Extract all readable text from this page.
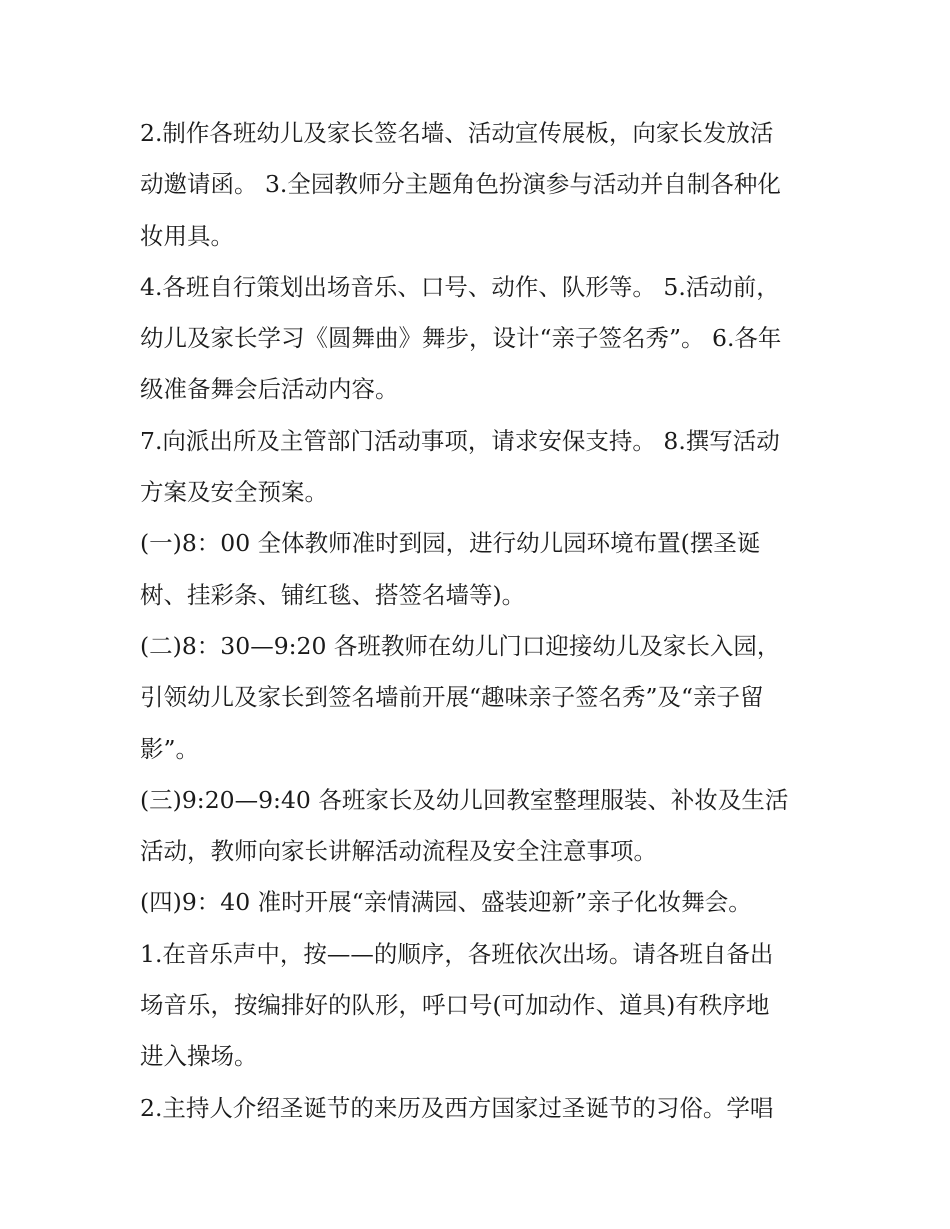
2.制作各班幼儿及家长签名墙、活动宣传展板，向家长发放活
动邀请函。 3.全园教师分主题角色扮演参与活动并自制各种化
妆用具。
4.各班自行策划出场音乐、口号、动作、队形等。 5.活动前，
幼儿及家长学习《圆舞曲》舞步，设计“亲子签名秀”。 6.各年
级准备舞会后活动内容。
7.向派出所及主管部门活动事项，请求安保支持。 8.撰写活动
方案及安全预案。
(一)8：00 全体教师准时到园，进行幼儿园环境布置(摆圣诞
树、挂彩条、铺红毯、搭签名墙等)。
(二)8：30—9:20 各班教师在幼儿门口迎接幼儿及家长入园，
引领幼儿及家长到签名墙前开展“趣味亲子签名秀”及“亲子留
影”。
(三)9:20—9:40 各班家长及幼儿回教室整理服装、补妆及生活
活动，教师向家长讲解活动流程及安全注意事项。
(四)9：40 准时开展“亲情满园、盛装迎新”亲子化妆舞会。
1.在音乐声中，按——的顺序，各班依次出场。请各班自备出
场音乐，按编排好的队形，呼口号(可加动作、道具)有秩序地
进入操场。
2.主持人介绍圣诞节的来历及西方国家过圣诞节的习俗。学唱
